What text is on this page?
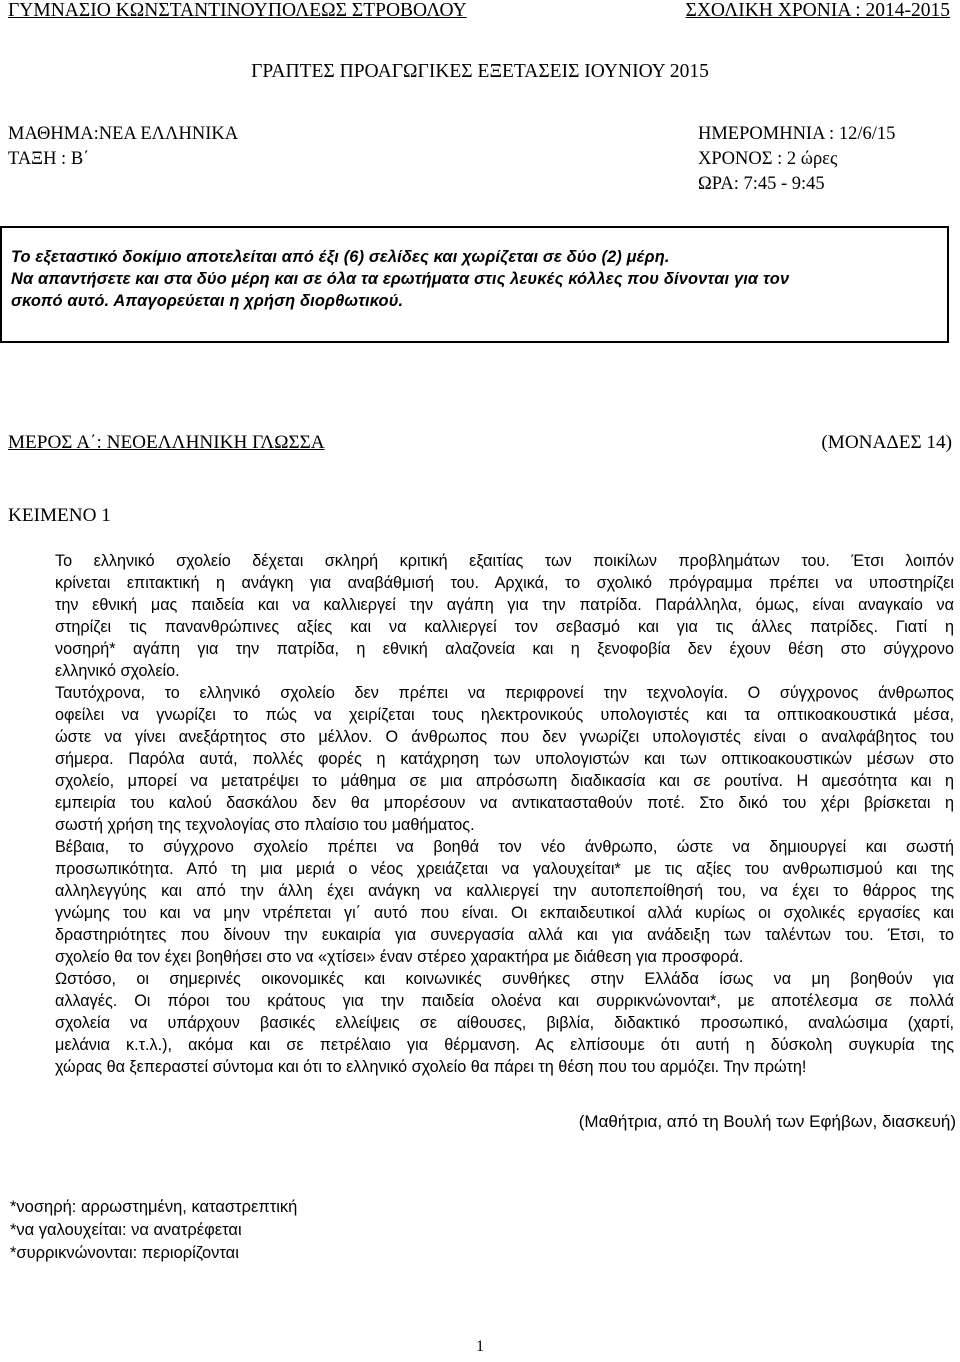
ΓΥΜΝΑΣΙΟ ΚΩΝΣΤΑΝΤΙΝΟΥΠΟΛΕΩΣ ΣΤΡΟΒΟΛΟΥ	ΣΧΟΛΙΚΗ ΧΡΟΝΙΑ : 2014-2015
ΓΡΑΠΤΕΣ ΠΡΟΑΓΩΓΙΚΕΣ ΕΞΕΤΑΣΕΙΣ ΙΟΥΝΙΟΥ 2015
ΜΑΘΗΜΑ:ΝΕΑ ΕΛΛΗΝΙΚΑ
ΤΑΞΗ : Β΄
ΗΜΕΡΟΜΗΝΙΑ : 12/6/15
ΧΡΟΝΟΣ : 2 ώρες
ΩΡΑ: 7:45 - 9:45
Το εξεταστικό δοκίμιο αποτελείται από έξι (6) σελίδες και χωρίζεται σε δύο (2) μέρη.
Να απαντήσετε και στα δύο μέρη και σε όλα τα ερωτήματα στις λευκές κόλλες που δίνονται για τον
σκοπό αυτό. Απαγορεύεται η χρήση διορθωτικού.
ΜΕΡΟΣ Α΄: ΝΕΟΕΛΛΗΝΙΚΗ ΓΛΩΣΣΑ	(ΜΟΝΑΔΕΣ 14)
ΚΕΙΜΕΝΟ 1

Το ελληνικό σχολείο δέχεται σκληρή κριτική εξαιτίας των ποικίλων προβλημάτων του. Έτσι λοιπόν
κρίνεται επιτακτική η ανάγκη για αναβάθμισή του. Αρχικά, το σχολικό πρόγραμμα πρέπει να υποστηρίζει
την εθνική μας παιδεία και να καλλιεργεί την αγάπη για την πατρίδα. Παράλληλα, όμως, είναι αναγκαίο να
στηρίζει τις πανανθρώπινες αξίες και να καλλιεργεί τον σεβασμό και για τις άλλες πατρίδες. Γιατί η
νοσηρή* αγάπη για την πατρίδα, η εθνική αλαζονεία και η ξενοφοβία δεν έχουν θέση στο σύγχρονο
ελληνικό σχολείο.

Ταυτόχρονα, το ελληνικό σχολείο δεν πρέπει να περιφρονεί την τεχνολογία. Ο σύγχρονος άνθρωπος
οφείλει να γνωρίζει το πώς να χειρίζεται τους ηλεκτρονικούς υπολογιστές και τα οπτικοακουστικά μέσα,
ώστε να γίνει ανεξάρτητος στο μέλλον. Ο άνθρωπος που δεν γνωρίζει υπολογιστές είναι ο αναλφάβητος του
σήμερα. Παρόλα αυτά, πολλές φορές η κατάχρηση των υπολογιστών και των οπτικοακουστικών μέσων στο
σχολείο, μπορεί να μετατρέψει το μάθημα σε μια απρόσωπη διαδικασία και σε ρουτίνα. Η αμεσότητα και η
εμπειρία του καλού δασκάλου δεν θα μπορέσουν να αντικατασταθούν ποτέ. Στο δικό του χέρι βρίσκεται η
σωστή χρήση της τεχνολογίας στο πλαίσιο του μαθήματος.

Βέβαια, το σύγχρονο σχολείο πρέπει να βοηθά τον νέο άνθρωπο, ώστε να δημιουργεί και σωστή
προσωπικότητα. Από τη μια μεριά ο νέος χρειάζεται να γαλουχείται* με τις αξίες του ανθρωπισμού και της
αλληλεγγύης και από την άλλη έχει ανάγκη να καλλιεργεί την αυτοπεποίθησή του, να έχει το θάρρος της
γνώμης του και να μην ντρέπεται γι΄ αυτό που είναι. Οι εκπαιδευτικοί αλλά κυρίως οι σχολικές εργασίες και
δραστηριότητες που δίνουν την ευκαιρία για συνεργασία αλλά και για ανάδειξη των ταλέντων του. Έτσι, το
σχολείο θα τον έχει βοηθήσει στο να «χτίσει» έναν στέρεο χαρακτήρα με διάθεση για προσφορά.

Ωστόσο, οι σημερινές οικονομικές και κοινωνικές συνθήκες στην Ελλάδα ίσως να μη βοηθούν για
αλλαγές. Οι πόροι του κράτους για την παιδεία ολοένα και συρρικνώνονται*, με αποτέλεσμα σε πολλά
σχολεία να υπάρχουν βασικές ελλείψεις σε αίθουσες, βιβλία, διδακτικό προσωπικό, αναλώσιμα (χαρτί,
μελάνια κ.τ.λ.), ακόμα και σε πετρέλαιο για θέρμανση. Ας ελπίσουμε ότι αυτή η δύσκολη συγκυρία της
χώρας θα ξεπεραστεί σύντομα και ότι το ελληνικό σχολείο θα πάρει τη θέση που του αρμόζει. Την πρώτη!

(Μαθήτρια, από τη Βουλή των Εφήβων, διασκευή)
*νοσηρή: αρρωστημένη, καταστρεπτική
*να γαλουχείται: να ανατρέφεται
*συρρικνώνονται: περιορίζονται
1
